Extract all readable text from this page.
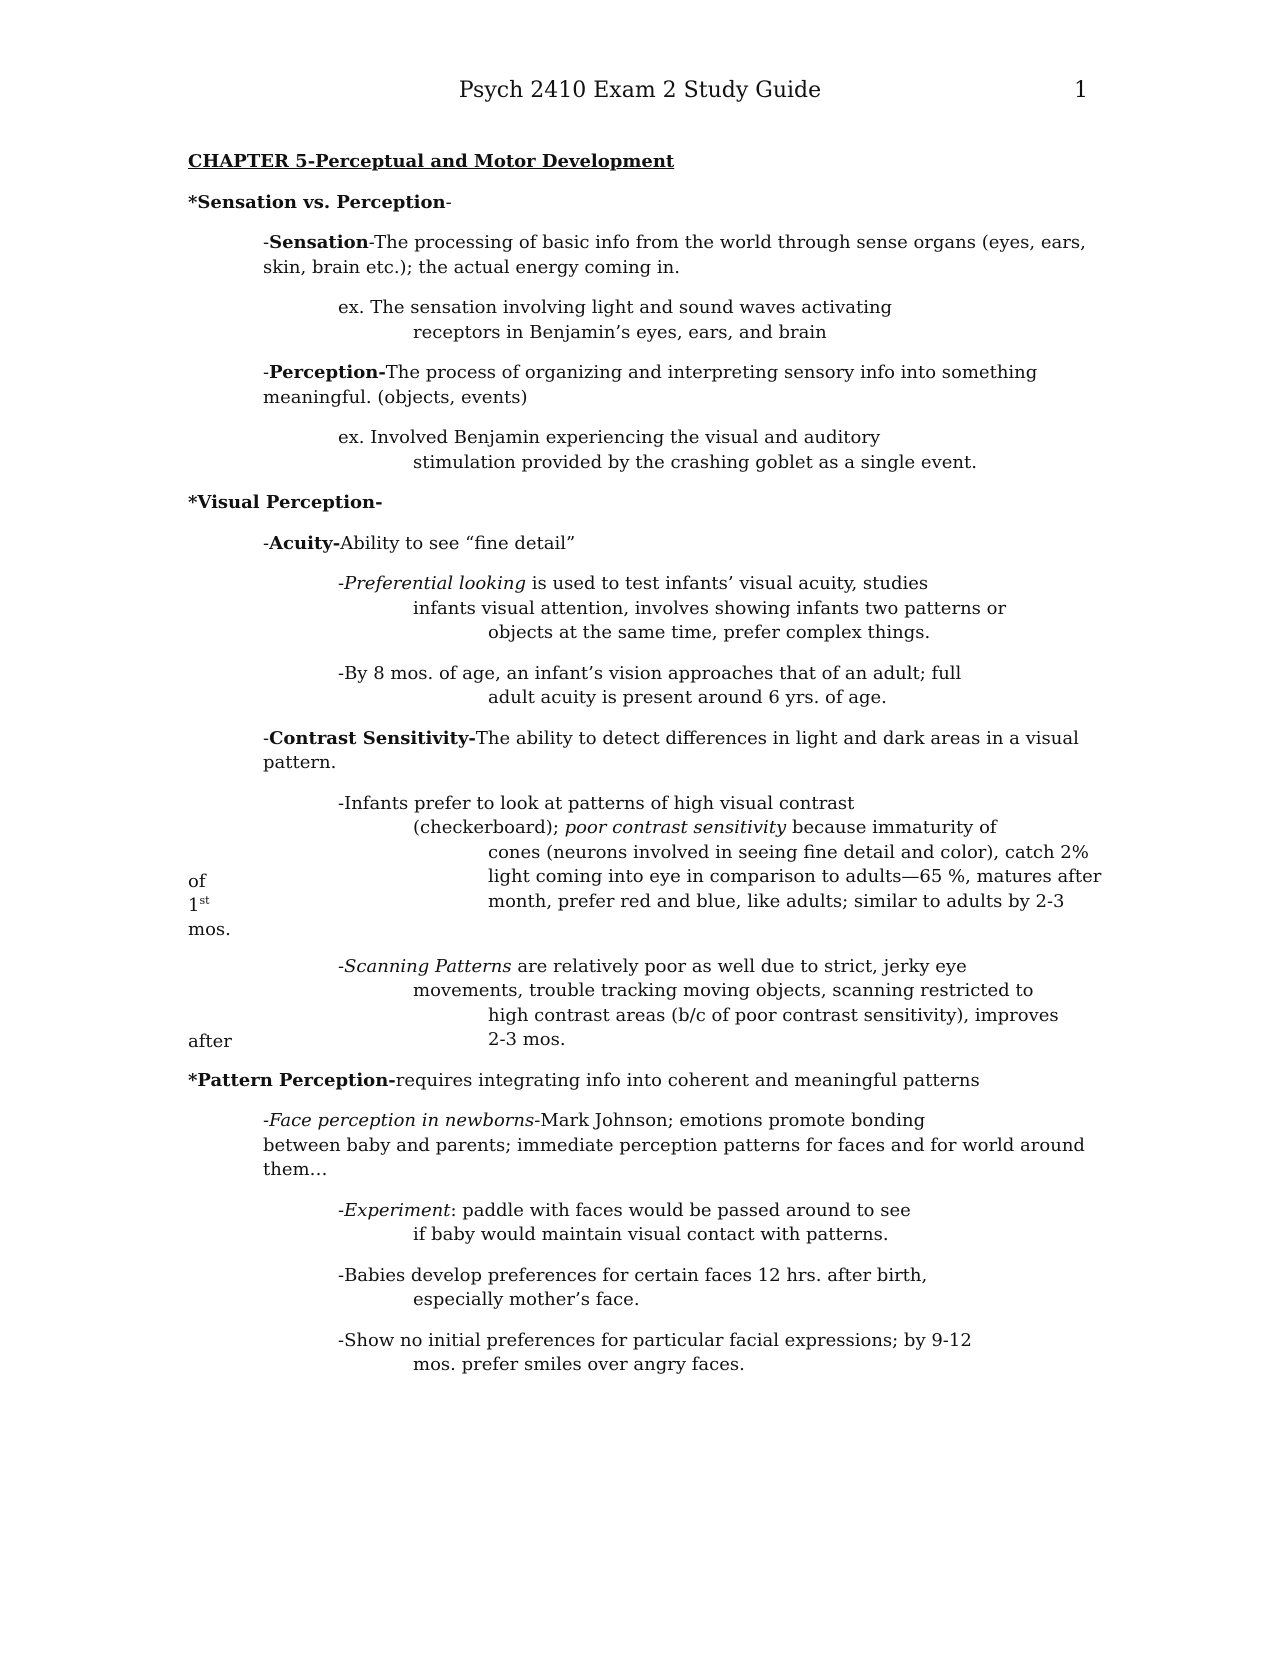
Psych 2410 Exam 2 Study Guide	1
of
1st
mos.
after
CHAPTER 5-Perceptual and Motor Development
*Sensation vs. Perception-
-Sensation-The processing of basic info from the world through sense organs (eyes, ears,
skin, brain etc.); the actual energy coming in.
ex. The sensation involving light and sound waves activating
receptors in Benjamin’s eyes, ears, and brain
-Perception-The process of organizing and interpreting sensory info into something
meaningful. (objects, events)
ex. Involved Benjamin experiencing the visual and auditory
stimulation provided by the crashing goblet as a single event.
*Visual Perception-
-Acuity-Ability to see “fine detail”
-Preferential looking is used to test infants’ visual acuity, studies
infants visual attention, involves showing infants two patterns or
objects at the same time, prefer complex things.
-By 8 mos. of age, an infant’s vision approaches that of an adult; full
adult acuity is present around 6 yrs. of age.
-Contrast Sensitivity-The ability to detect differences in light and dark areas in a visual
pattern.
-Infants prefer to look at patterns of high visual contrast
(checkerboard); poor contrast sensitivity because immaturity of
cones (neurons involved in seeing fine detail and color), catch 2%
light coming into eye in comparison to adults—65 %, matures after
month, prefer red and blue, like adults; similar to adults by 2-3

-Scanning Patterns are relatively poor as well due to strict, jerky eye
movements, trouble tracking moving objects, scanning restricted to
high contrast areas (b/c of poor contrast sensitivity), improves
2-3 mos.
*Pattern Perception-requires integrating info into coherent and meaningful patterns
-Face perception in newborns-Mark Johnson; emotions promote bonding
between baby and parents; immediate perception patterns for faces and for world around
them…
-Experiment: paddle with faces would be passed around to see
if baby would maintain visual contact with patterns.
-Babies develop preferences for certain faces 12 hrs. after birth,
especially mother’s face.
-Show no initial preferences for particular facial expressions; by 9-12
mos. prefer smiles over angry faces.
